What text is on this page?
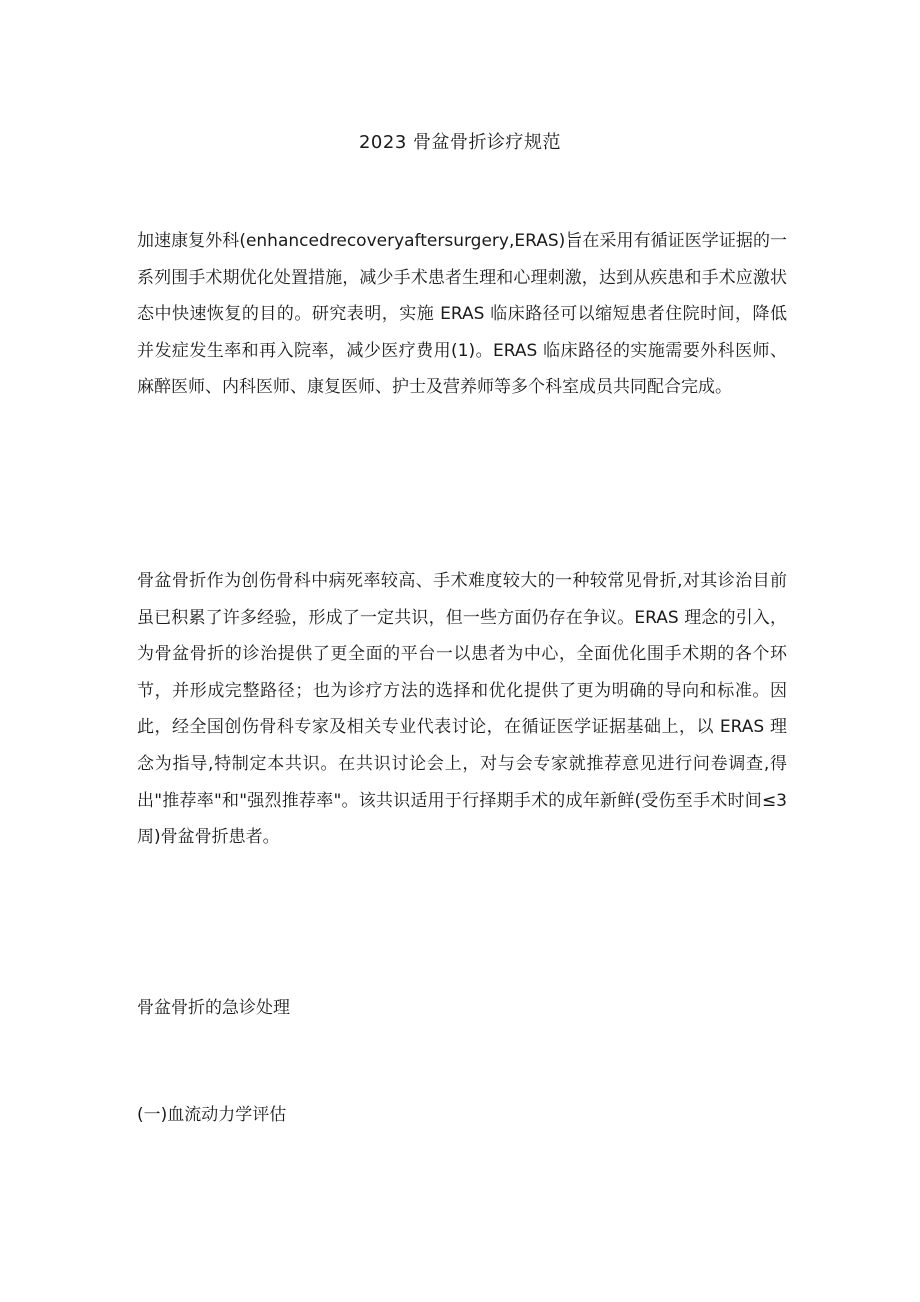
2023 骨盆骨折诊疗规范

加速康复外科(enhancedrecoveryaftersurgery,ERAS)旨在采用有循证医学证据的一系列围手术期优化处置措施，减少手术患者生理和心理刺激，达到从疾患和手术应激状态中快速恢复的目的。研究表明，实施 ERAS 临床路径可以缩短患者住院时间，降低并发症发生率和再入院率，减少医疗费用(1)。ERAS 临床路径的实施需要外科医师、麻醉医师、内科医师、康复医师、护士及营养师等多个科室成员共同配合完成。

骨盆骨折作为创伤骨科中病死率较高、手术难度较大的一种较常见骨折,对其诊治目前虽已积累了许多经验，形成了一定共识，但一些方面仍存在争议。ERAS 理念的引入，为骨盆骨折的诊治提供了更全面的平台一以患者为中心，全面优化围手术期的各个环节，并形成完整路径；也为诊疗方法的选择和优化提供了更为明确的导向和标准。因此，经全国创伤骨科专家及相关专业代表讨论，在循证医学证据基础上，以 ERAS 理念为指导,特制定本共识。在共识讨论会上，对与会专家就推荐意见进行问卷调查,得出"推荐率"和"强烈推荐率"。该共识适用于行择期手术的成年新鲜(受伤至手术时间≤3 周)骨盆骨折患者。

骨盆骨折的急诊处理
(一)血流动力学评估
